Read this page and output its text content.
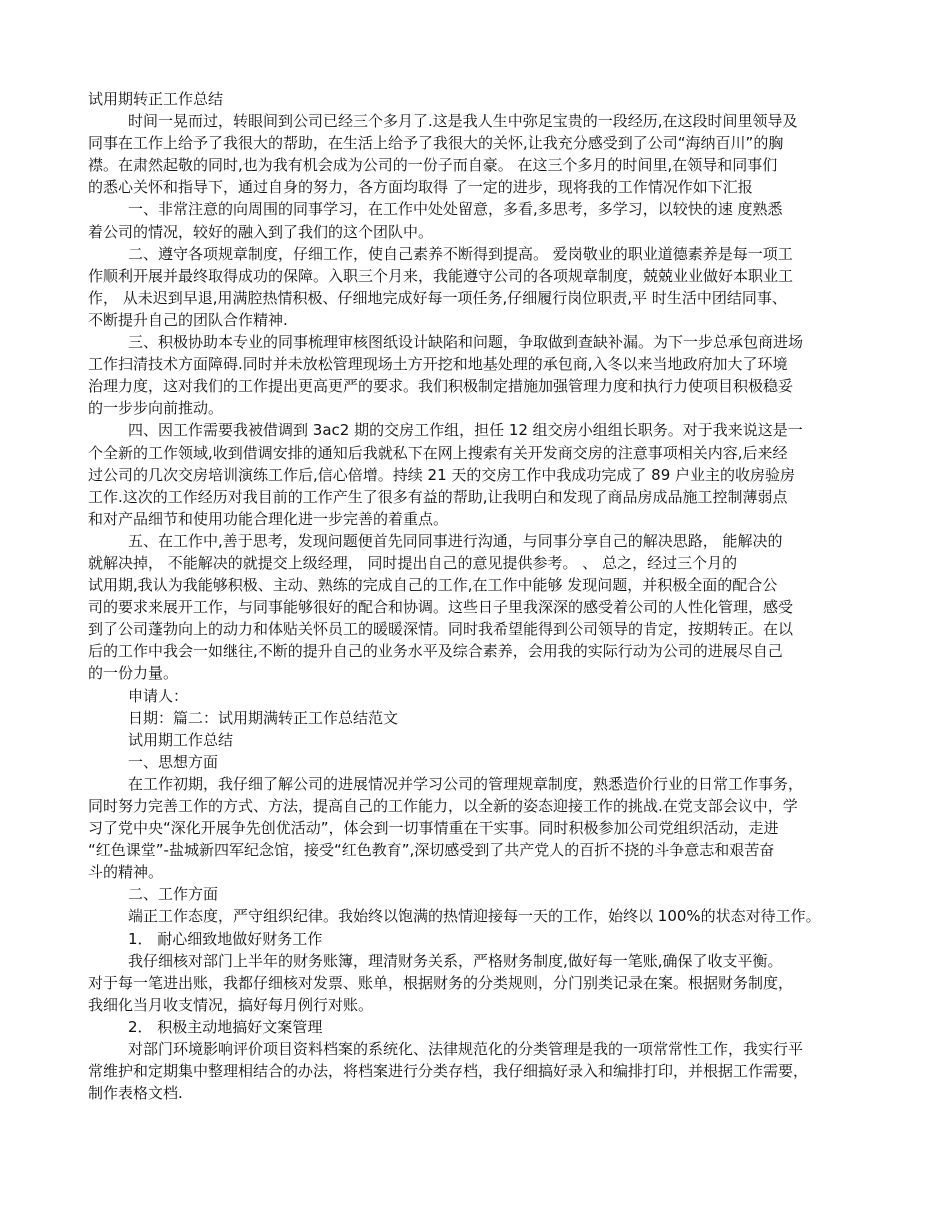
试用期转正工作总结
时间一晃而过，转眼间到公司已经三个多月了.这是我人生中弥足宝贵的一段经历,在这段时间里领导及
同事在工作上给予了我很大的帮助，在生活上给予了我很大的关怀,让我充分感受到了公司“海纳百川”的胸
襟。在肃然起敬的同时,也为我有机会成为公司的一份子而自豪。 在这三个多月的时间里,在领导和同事们
的悉心关怀和指导下，通过自身的努力，各方面均取得 了一定的进步，现将我的工作情况作如下汇报
一、非常注意的向周围的同事学习，在工作中处处留意，多看,多思考，多学习，以较快的速 度熟悉
着公司的情况，较好的融入到了我们的这个团队中。
二、遵守各项规章制度，仔细工作，使自己素养不断得到提高。 爱岗敬业的职业道德素养是每一项工
作顺利开展并最终取得成功的保障。入职三个月来，我能遵守公司的各项规章制度，兢兢业业做好本职业工
作， 从未迟到早退,用满腔热情积极、仔细地完成好每一项任务,仔细履行岗位职责,平 时生活中团结同事、
不断提升自己的团队合作精神.
三、积极协助本专业的同事梳理审核图纸设计缺陷和问题，争取做到查缺补漏。为下一步总承包商进场
工作扫清技术方面障碍.同时并未放松管理现场土方开挖和地基处理的承包商,入冬以来当地政府加大了环境
治理力度，这对我们的工作提出更高更严的要求。我们积极制定措施加强管理力度和执行力使项目积极稳妥
的一步步向前推动。
四、因工作需要我被借调到 3ac2 期的交房工作组，担任 12 组交房小组组长职务。对于我来说这是一
个全新的工作领域,收到借调安排的通知后我就私下在网上搜索有关开发商交房的注意事项相关内容,后来经
过公司的几次交房培训演练工作后,信心倍增。持续 21 天的交房工作中我成功完成了 89 户业主的收房验房
工作.这次的工作经历对我目前的工作产生了很多有益的帮助,让我明白和发现了商品房成品施工控制薄弱点
和对产品细节和使用功能合理化进一步完善的着重点。
五、在工作中,善于思考，发现问题便首先同同事进行沟通，与同事分享自己的解决思路， 能解决的
就解决掉， 不能解决的就提交上级经理， 同时提出自己的意见提供参考。 、 总之，经过三个月的
试用期,我认为我能够积极、主动、熟练的完成自己的工作,在工作中能够 发现问题，并积极全面的配合公
司的要求来展开工作，与同事能够很好的配合和协调。这些日子里我深深的感受着公司的人性化管理，感受
到了公司蓬勃向上的动力和体贴关怀员工的暖暖深情。同时我希望能得到公司领导的肯定，按期转正。在以
后的工作中我会一如继往,不断的提升自己的业务水平及综合素养，会用我的实际行动为公司的进展尽自己
的一份力量。
申请人：
日期：篇二：试用期满转正工作总结范文
试用期工作总结
一、思想方面
在工作初期，我仔细了解公司的进展情况并学习公司的管理规章制度，熟悉造价行业的日常工作事务，
同时努力完善工作的方式、方法，提高自己的工作能力，以全新的姿态迎接工作的挑战.在党支部会议中，学
习了党中央“深化开展争先创优活动”，体会到一切事情重在干实事。同时积极参加公司党组织活动，走进
“红色课堂”-盐城新四军纪念馆，接受“红色教育”,深切感受到了共产党人的百折不挠的斗争意志和艰苦奋
斗的精神。
二、工作方面
端正工作态度，严守组织纪律。我始终以饱满的热情迎接每一天的工作，始终以 100%的状态对待工作。
1． 耐心细致地做好财务工作
我仔细核对部门上半年的财务账簿，理清财务关系，严格财务制度,做好每一笔账,确保了收支平衡。
对于每一笔进出账，我都仔细核对发票、账单，根据财务的分类规则，分门别类记录在案。根据财务制度，
我细化当月收支情况，搞好每月例行对账。
2． 积极主动地搞好文案管理
对部门环境影响评价项目资料档案的系统化、法律规范化的分类管理是我的一项常常性工作，我实行平
常维护和定期集中整理相结合的办法，将档案进行分类存档，我仔细搞好录入和编排打印，并根据工作需要，
制作表格文档.
